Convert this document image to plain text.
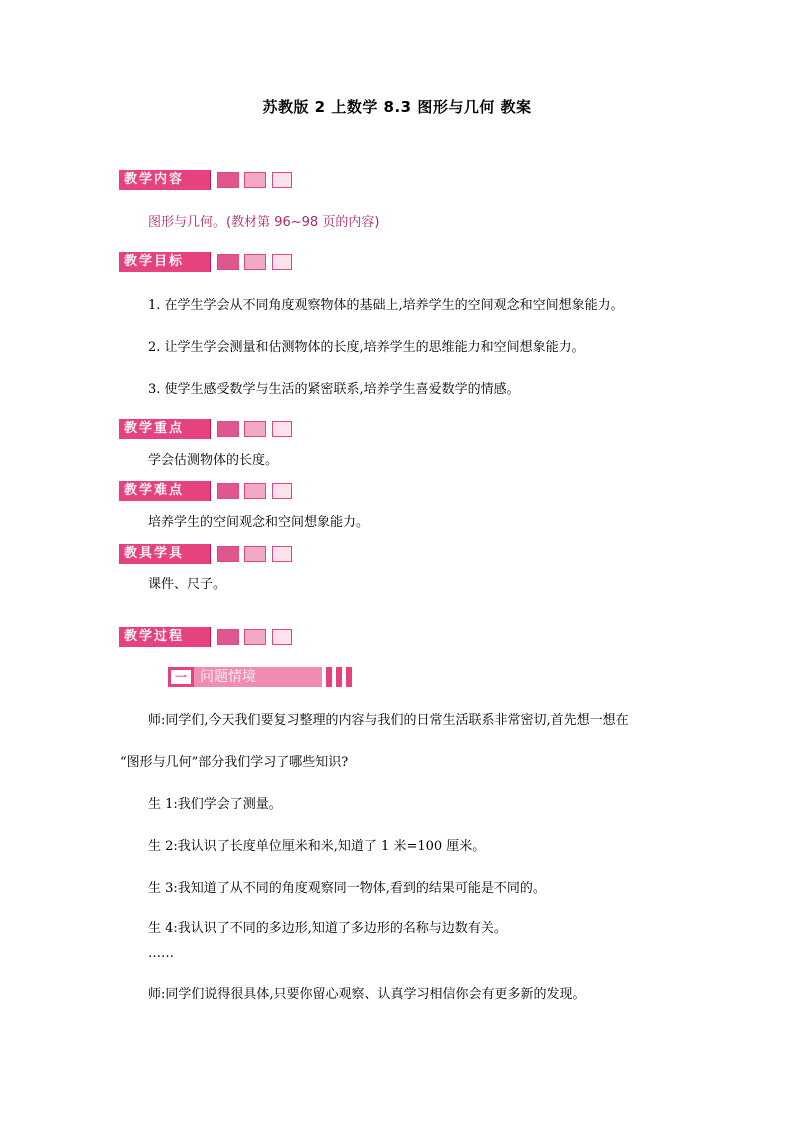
苏教版 2 上数学 8.3 图形与几何 教案
教学内容
图形与几何。(教材第 96~98 页的内容)
教学目标
1. 在学生学会从不同角度观察物体的基础上,培养学生的空间观念和空间想象能力。
2. 让学生学会测量和估测物体的长度,培养学生的思维能力和空间想象能力。
3. 使学生感受数学与生活的紧密联系,培养学生喜爱数学的情感。
教学重点
学会估测物体的长度。
教学难点
培养学生的空间观念和空间想象能力。
教具学具
课件、尺子。
教学过程
一 问题情境
师:同学们,今天我们要复习整理的内容与我们的日常生活联系非常密切,首先想一想在
“图形与几何”部分我们学习了哪些知识?
生 1:我们学会了测量。
生 2:我认识了长度单位厘米和米,知道了 1 米=100 厘米。
生 3:我知道了从不同的角度观察同一物体,看到的结果可能是不同的。
生 4:我认识了不同的多边形,知道了多边形的名称与边数有关。
……
师:同学们说得很具体,只要你留心观察、认真学习相信你会有更多新的发现。
